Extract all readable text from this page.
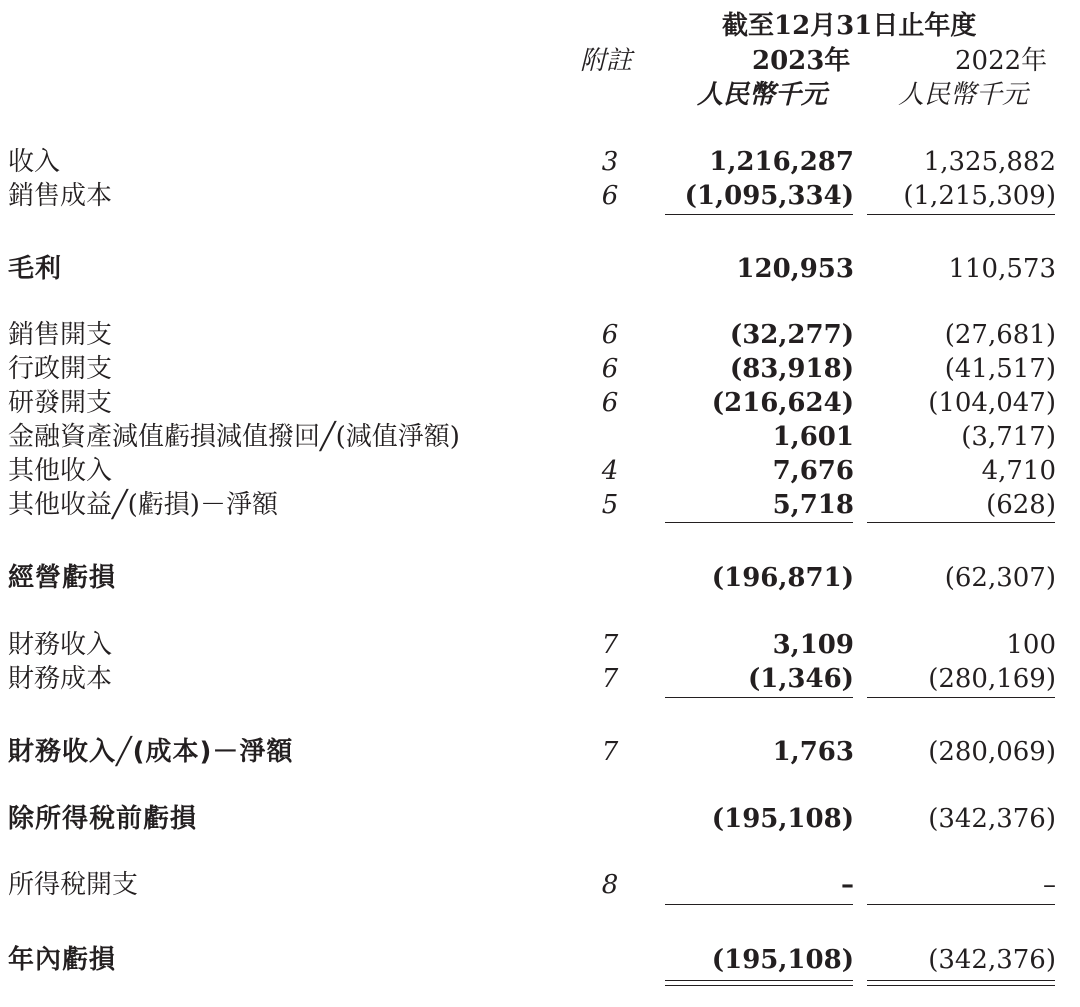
截至12月31日止年度
附註	2023年	2022年
人民幣千元	人民幣千元
收入	3	1,216,287	1,325,882
銷售成本	6	(1,095,334) (1,215,309)
毛利	120,953	110,573
銷售開支	6	(32,277)	(27,681)
行政開支	6	(83,918)	(41,517)
研發開支	6	(216,624)	(104,047)
金融資產減值虧損減值撥回╱(減值淨額)	1,601	(3,717)
其他收入	4	7,676	4,710
其他收益╱(虧損)－淨額	5	5,718	(628)
經營虧損	(196,871)	(62,307)
財務收入	7	3,109	100
財務成本	7	(1,346)	(280,169)
財務收入╱(成本)－淨額	7	1,763	(280,069)
除所得稅前虧損	(195,108)	(342,376)
所得稅開支	8	–	–
年內虧損	(195,108)	(342,376)
